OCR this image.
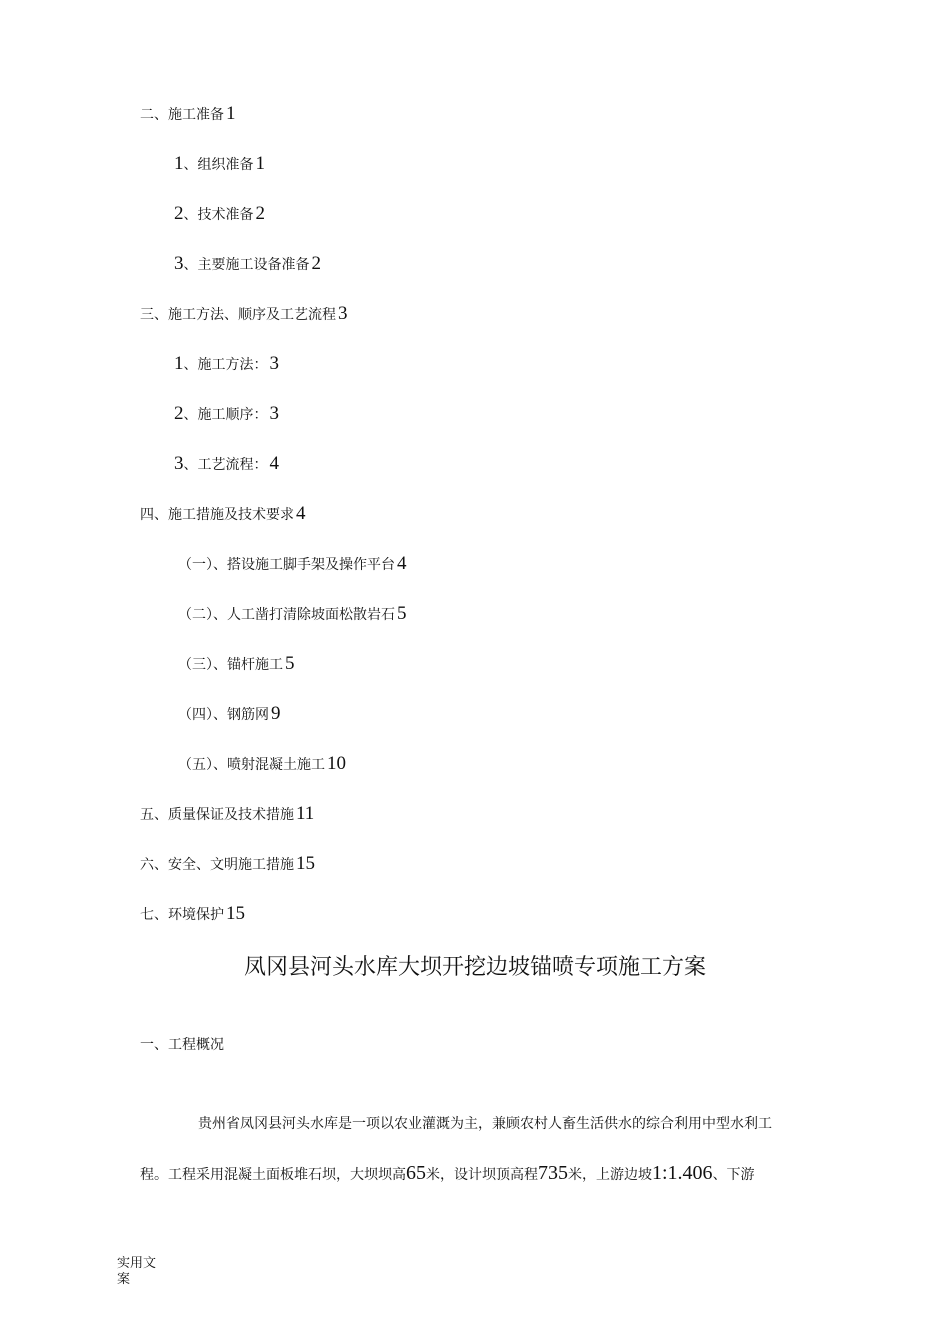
二、施工准备 1
1、组织准备 1
2、技术准备 2
3、主要施工设备准备 2
三、施工方法、顺序及工艺流程 3
1、施工方法： 3
2、施工顺序： 3
3、工艺流程： 4
四、施工措施及技术要求 4
（一）、搭设施工脚手架及操作平台 4
（二）、人工凿打清除坡面松散岩石 5
（三）、锚杆施工 5
（四）、钢筋网 9
（五）、喷射混凝土施工 10
五、质量保证及技术措施 11
六、安全、文明施工措施 15
七、环境保护 15
凤冈县河头水库大坝开挖边坡锚喷专项施工方案
一、工程概况
贵州省凤冈县河头水库是一项以农业灌溉为主，兼顾农村人畜生活供水的综合利用中型水利工
程。工程采用混凝土面板堆石坝，大坝坝高65米，设计坝顶高程735米，上游边坡1:1.406、下游
实用文案
